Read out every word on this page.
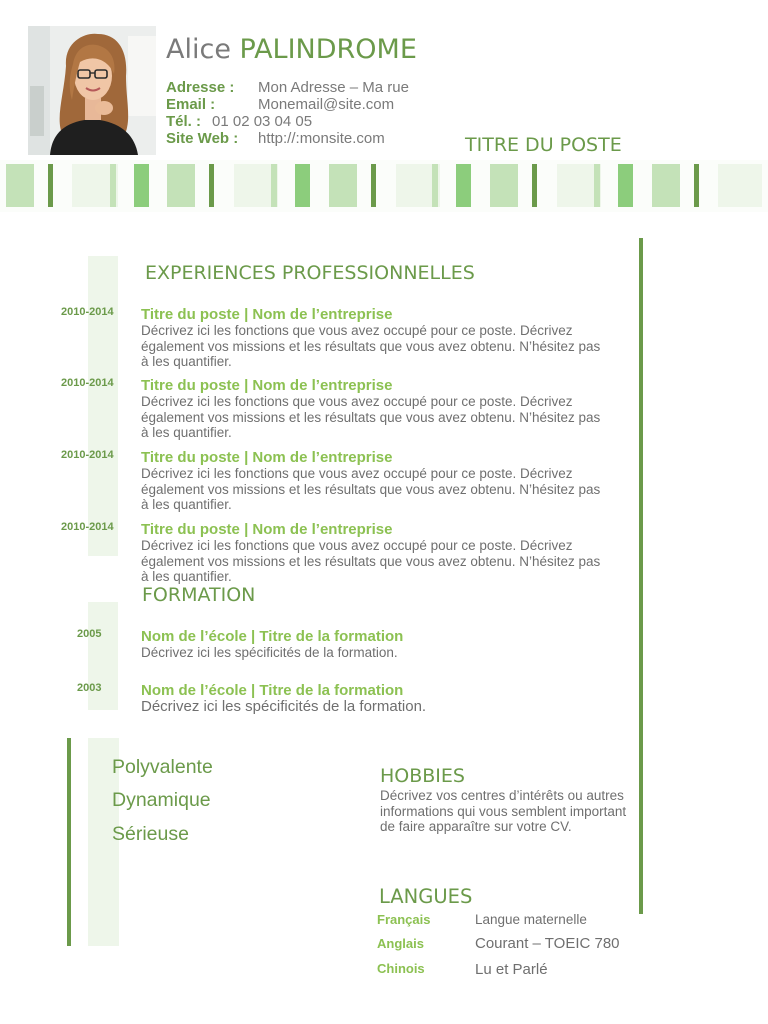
Alice PALINDROME
Adresse : Mon Adresse – Ma rue
Email :	Monemail@site.com
Tél. : 01 02 03 04 05
Site Web : http://:monsite.com	TITRE DU POSTE
EXPERIENCES PROFESSIONNELLES
2010-2014 Titre du poste | Nom de l’entreprise
Décrivez ici les fonctions que vous avez occupé pour ce poste. Décrivez également vos missions et les résultats que vous avez obtenu. N’hésitez pas à les quantifier.
2010-2014 Titre du poste | Nom de l’entreprise
Décrivez ici les fonctions que vous avez occupé pour ce poste. Décrivez également vos missions et les résultats que vous avez obtenu. N’hésitez pas à les quantifier.
2010-2014 Titre du poste | Nom de l’entreprise
Décrivez ici les fonctions que vous avez occupé pour ce poste. Décrivez également vos missions et les résultats que vous avez obtenu. N’hésitez pas à les quantifier.
2010-2014 Titre du poste | Nom de l’entreprise
Décrivez ici les fonctions que vous avez occupé pour ce poste. Décrivez également vos missions et les résultats que vous avez obtenu. N’hésitez pas à les quantifier.
FORMATION
2005	Nom de l’école | Titre de la formation
Décrivez ici les spécificités de la formation.
2003	Nom de l’école | Titre de la formation
Décrivez ici les spécificités de la formation.
Polyvalente
Dynamique
Sérieuse
HOBBIES
Décrivez vos centres d’intérêts ou autres informations qui vous semblent important de faire apparaître sur votre CV.
LANGUES
Français	Langue maternelle
Anglais	Courant – TOEIC 780
Chinois	Lu et Parlé
